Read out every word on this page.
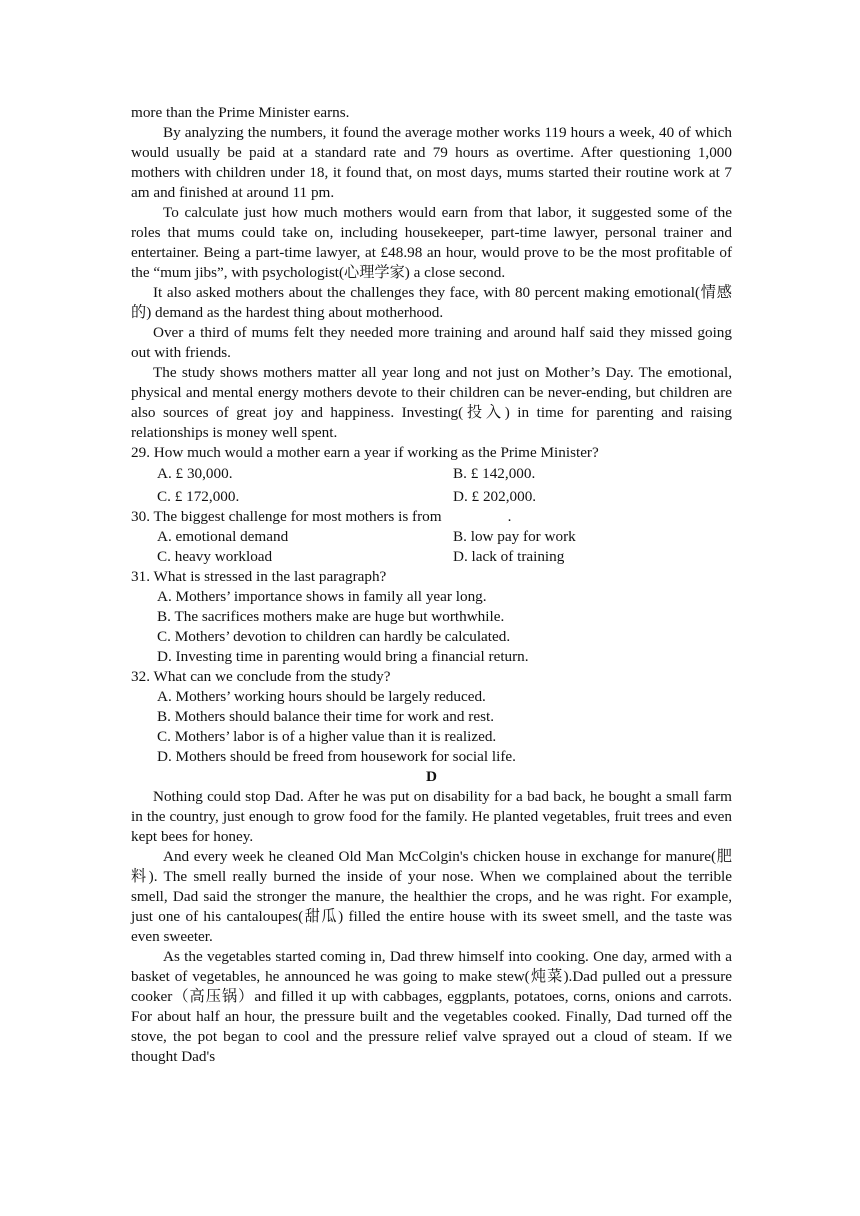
more than the Prime Minister earns.

By analyzing the numbers, it found the average mother works 119 hours a week, 40 of which would usually be paid at a standard rate and 79 hours as overtime. After questioning 1,000 mothers with children under 18, it found that, on most days, mums started their routine work at 7 am and finished at around 11 pm.

To calculate just how much mothers would earn from that labor, it suggested some of the roles that mums could take on, including housekeeper, part-time lawyer, personal trainer and entertainer. Being a part-time lawyer, at £48.98 an hour, would prove to be the most profitable of the “mum jibs”, with psychologist(心理学家) a close second.

It also asked mothers about the challenges they face, with 80 percent making emotional(情感的) demand as the hardest thing about motherhood.

Over a third of mums felt they needed more training and around half said they missed going out with friends.

The study shows mothers matter all year long and not just on Mother’s Day. The emotional, physical and mental energy mothers devote to their children can be never-ending, but children are also sources of great joy and happiness. Investing(投入) in time for parenting and raising relationships is money well spent.

29. How much would a mother earn a year if working as the Prime Minister?

A. £ 30,000.	B. £ 142,000.
C. £ 172,000.	D. £ 202,000.

30. The biggest challenge for most mothers is from	.

A. emotional demand	B. low pay for work
C. heavy workload	D. lack of training

31. What is stressed in the last paragraph?

A. Mothers’ importance shows in family all year long.
B. The sacrifices mothers make are huge but worthwhile.
C. Mothers’ devotion to children can hardly be calculated.
D. Investing time in parenting would bring a financial return.

32. What can we conclude from the study?

A. Mothers’ working hours should be largely reduced.
B. Mothers should balance their time for work and rest.
C. Mothers’ labor is of a higher value than it is realized.
D. Mothers should be freed from housework for social life.

D

Nothing could stop Dad. After he was put on disability for a bad back, he bought a small farm in the country, just enough to grow food for the family. He planted vegetables, fruit trees and even kept bees for honey.

And every week he cleaned Old Man McColgin's chicken house in exchange for manure(肥料). The smell really burned the inside of your nose. When we complained about the terrible smell, Dad said the stronger the manure, the healthier the crops, and he was right. For example, just one of his cantaloupes(甜瓜) filled the entire house with its sweet smell, and the taste was even sweeter.

As the vegetables started coming in, Dad threw himself into cooking. One day, armed with a basket of vegetables, he announced he was going to make stew(炖菜).Dad pulled out a pressure cooker（高压锅）and filled it up with cabbages, eggplants, potatoes, corns, onions and carrots. For about half an hour, the pressure built and the vegetables cooked. Finally, Dad turned off the stove, the pot began to cool and the pressure relief valve sprayed out a cloud of steam. If we thought Dad's
